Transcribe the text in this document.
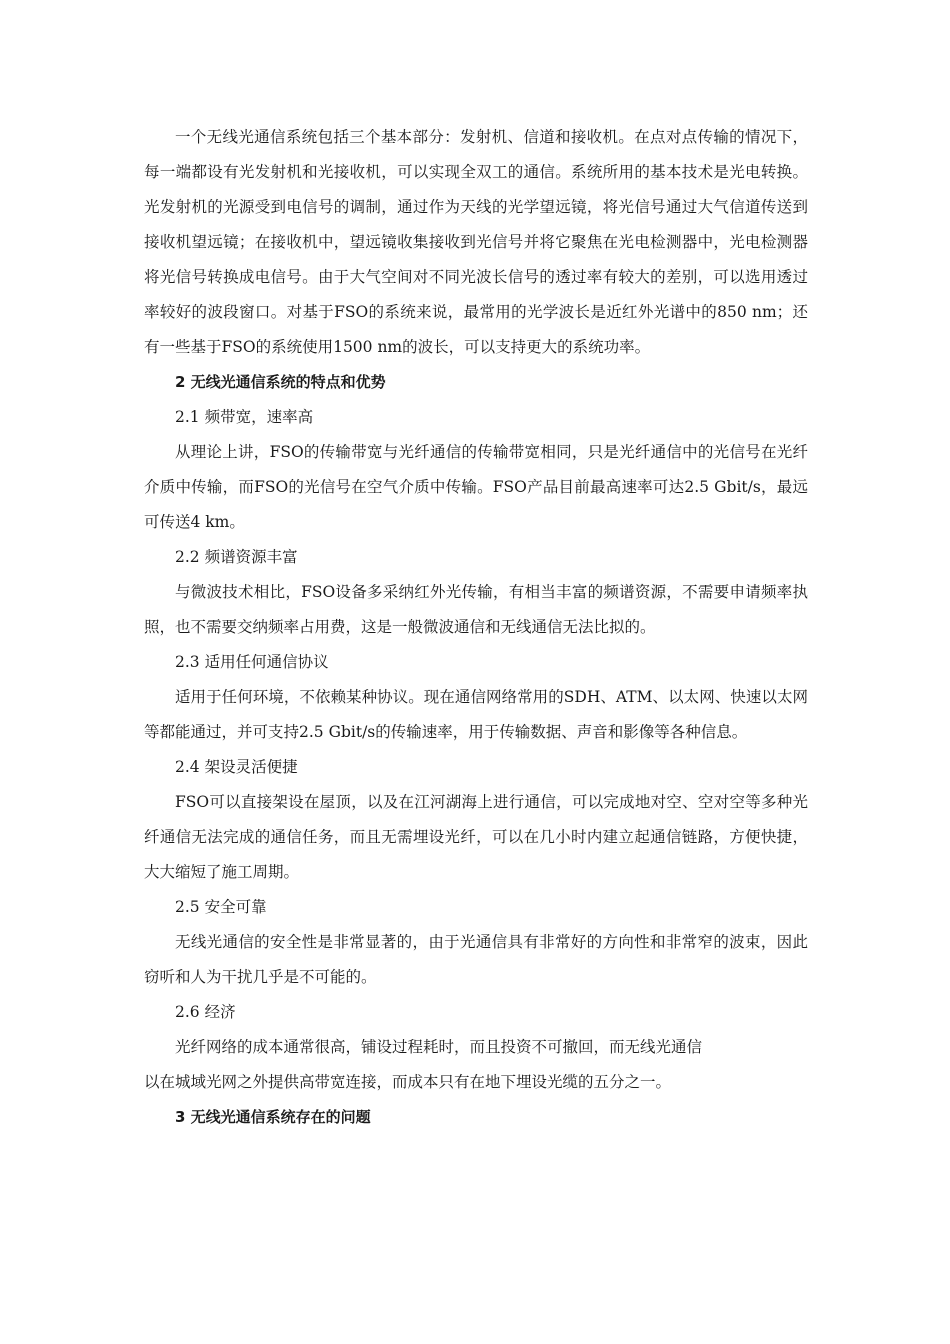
一个无线光通信系统包括三个基本部分：发射机、信道和接收机。在点对点传输的情况下，每一端都设有光发射机和光接收机，可以实现全双工的通信。系统所用的基本技术是光电转换。光发射机的光源受到电信号的调制，通过作为天线的光学望远镜，将光信号通过大气信道传送到接收机望远镜；在接收机中，望远镜收集接收到光信号并将它聚焦在光电检测器中，光电检测器将光信号转换成电信号。由于大气空间对不同光波长信号的透过率有较大的差别，可以选用透过率较好的波段窗口。对基于FSO的系统来说，最常用的光学波长是近红外光谱中的850 nm；还有一些基于FSO的系统使用1500 nm的波长，可以支持更大的系统功率。

2 无线光通信系统的特点和优势

2.1 频带宽，速率高

从理论上讲，FSO的传输带宽与光纤通信的传输带宽相同，只是光纤通信中的光信号在光纤介质中传输，而FSO的光信号在空气介质中传输。FSO产品目前最高速率可达2.5 Gbit/s，最远可传送4 km。

2.2 频谱资源丰富

与微波技术相比，FSO设备多采纳红外光传输，有相当丰富的频谱资源，不需要申请频率执照，也不需要交纳频率占用费，这是一般微波通信和无线通信无法比拟的。

2.3 适用任何通信协议

适用于任何环境，不依赖某种协议。现在通信网络常用的SDH、ATM、以太网、快速以太网等都能通过，并可支持2.5 Gbit/s的传输速率，用于传输数据、声音和影像等各种信息。

2.4 架设灵活便捷

FSO可以直接架设在屋顶，以及在江河湖海上进行通信，可以完成地对空、空对空等多种光纤通信无法完成的通信任务，而且无需埋设光纤，可以在几小时内建立起通信链路，方便快捷，大大缩短了施工周期。

2.5 安全可靠

无线光通信的安全性是非常显著的，由于光通信具有非常好的方向性和非常窄的波束，因此窃听和人为干扰几乎是不可能的。

2.6 经济

光纤网络的成本通常很高，铺设过程耗时，而且投资不可撤回，而无线光通信

以在城域光网之外提供高带宽连接，而成本只有在地下埋设光缆的五分之一。

3 无线光通信系统存在的问题
